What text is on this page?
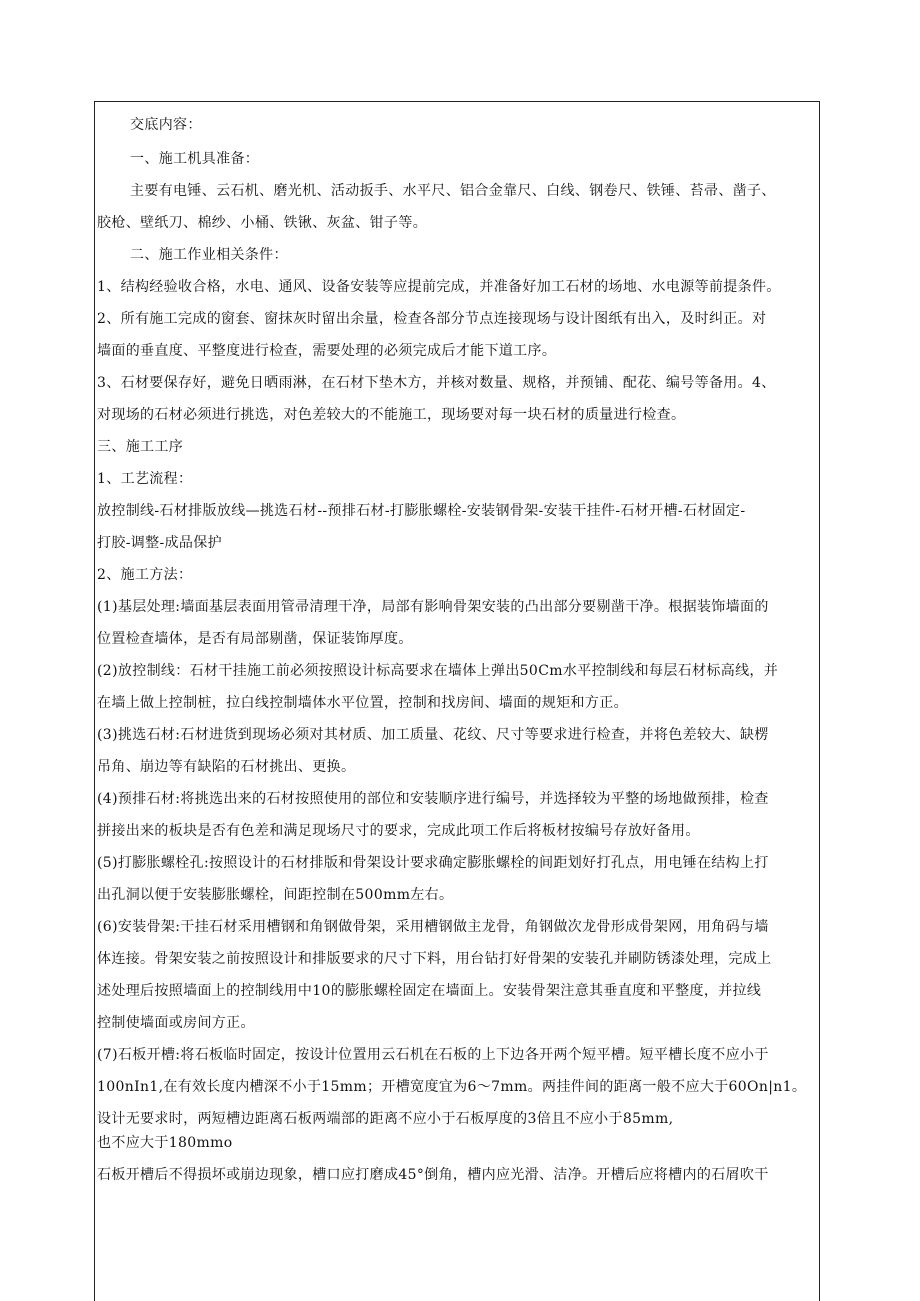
交底内容：
一、施工机具准备：
主要有电锤、云石机、磨光机、活动扳手、水平尺、铝合金靠尺、白线、钢卷尺、铁锤、苔帚、凿子、
胶枪、壁纸刀、棉纱、小桶、铁锹、灰盆、钳子等。
二、施工作业相关条件：
1、结构经验收合格，水电、通风、设备安装等应提前完成，并准备好加工石材的场地、水电源等前提条件。
2、所有施工完成的窗套、窗抹灰时留出余量，检查各部分节点连接现场与设计图纸有出入，及时纠正。对
墙面的垂直度、平整度进行检查，需要处理的必须完成后才能下道工序。
3、石材要保存好，避免日晒雨淋，在石材下垫木方，并核对数量、规格，并预铺、配花、编号等备用。4、
对现场的石材必须进行挑选，对色差较大的不能施工，现场要对每一块石材的质量进行检查。
三、施工工序
1、工艺流程：
放控制线-石材排版放线—挑选石材--预排石材-打膨胀螺栓-安装钢骨架-安装干挂件-石材开槽-石材固定-
打胶-调整-成品保护
2、施工方法：
(1)基层处理:墙面基层表面用管帚清理干净，局部有影响骨架安装的凸出部分要剔凿干净。根据装饰墙面的
位置检查墙体，是否有局部剔凿，保证装饰厚度。
(2)放控制线：石材干挂施工前必须按照设计标高要求在墙体上弹出50Cm水平控制线和每层石材标高线，并
在墙上做上控制桩，拉白线控制墙体水平位置，控制和找房间、墙面的规矩和方正。
(3)挑选石材:石材进货到现场必须对其材质、加工质量、花纹、尺寸等要求进行检查，并将色差较大、缺楞
吊角、崩边等有缺陷的石材挑出、更换。
(4)预排石材:将挑选出来的石材按照使用的部位和安装顺序进行编号，并选择较为平整的场地做预排，检查
拼接出来的板块是否有色差和满足现场尺寸的要求，完成此项工作后将板材按编号存放好备用。
(5)打膨胀螺栓孔:按照设计的石材排版和骨架设计要求确定膨胀螺栓的间距划好打孔点，用电锤在结构上打
出孔洞以便于安装膨胀螺栓，间距控制在500mm左右。
(6)安装骨架:干挂石材采用槽钢和角钢做骨架，采用槽钢做主龙骨，角钢做次龙骨形成骨架网，用角码与墙
体连接。骨架安装之前按照设计和排版要求的尺寸下料，用台钻打好骨架的安装孔并刷防锈漆处理，完成上
述处理后按照墙面上的控制线用中10的膨胀螺栓固定在墙面上。安装骨架注意其垂直度和平整度，并拉线
控制使墙面或房间方正。
(7)石板开槽:将石板临时固定，按设计位置用云石机在石板的上下边各开两个短平槽。短平槽长度不应小于
100nIn1,在有效长度内槽深不小于15mm；开槽宽度宜为6～7mm。两挂件间的距离一般不应大于60On|n1。
设计无要求时，两短槽边距离石板两端部的距离不应小于石板厚度的3倍且不应小于85mm,
也不应大于180mmo
石板开槽后不得损坏或崩边现象，槽口应打磨成45°倒角，槽内应光滑、洁净。开槽后应将槽内的石屑吹干
